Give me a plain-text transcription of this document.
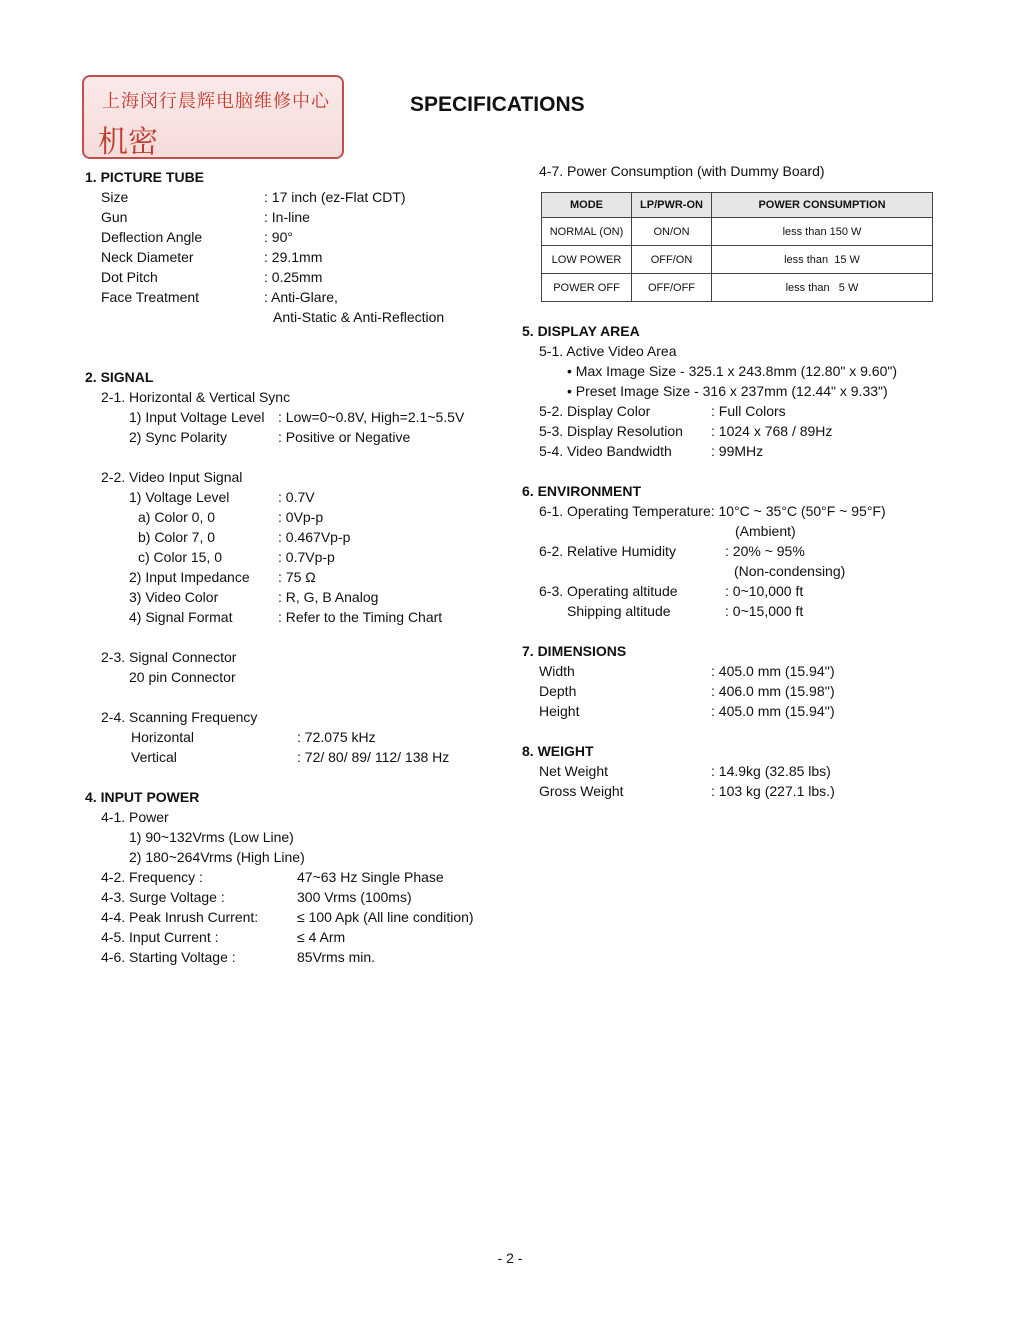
上海闵行晨辉电脑维修中心
机密
SPECIFICATIONS
1. PICTURE TUBE
Size	: 17 inch (ez-Flat CDT)
Gun	: In-line
Deflection Angle	: 90°
Neck Diameter	: 29.1mm
Dot Pitch	: 0.25mm
Face Treatment	: Anti-Glare,
Anti-Static & Anti-Reflection
2. SIGNAL
2-1. Horizontal & Vertical Sync
1) Input Voltage Level : Low=0~0.8V, High=2.1~5.5V
2) Sync Polarity	: Positive or Negative
2-2. Video Input Signal
1) Voltage Level	: 0.7V
a) Color 0, 0	: 0Vp-p
b) Color 7, 0	: 0.467Vp-p
c) Color 15, 0	: 0.7Vp-p
2) Input Impedance : 75 Ω
3) Video Color	: R, G, B Analog
4) Signal Format	: Refer to the Timing Chart
2-3. Signal Connector
20 pin Connector
2-4. Scanning Frequency
Horizontal	: 72.075 kHz
Vertical	: 72/ 80/ 89/ 112/ 138 Hz
4. INPUT POWER
4-1. Power
1) 90~132Vrms (Low Line)
2) 180~264Vrms (High Line)
4-2. Frequency :	47~63 Hz Single Phase
4-3. Surge Voltage :	300 Vrms (100ms)
4-4. Peak Inrush Current:	≤ 100 Apk (All line condition)
4-5. Input Current :	≤ 4 Arm
4-6. Starting Voltage :	85Vrms min.
4-7. Power Consumption (with Dummy Board)
MODE	LP/PWR-ON	POWER CONSUMPTION
NORMAL (ON)	ON/ON	less than 150 W
LOW POWER	OFF/ON	less than  15 W
POWER OFF	OFF/OFF	less than   5 W
5. DISPLAY AREA
5-1. Active Video Area
• Max Image Size - 325.1 x 243.8mm (12.80" x 9.60")
• Preset Image Size - 316 x 237mm (12.44" x 9.33")
5-2. Display Color	: Full Colors
5-3. Display Resolution : 1024 x 768 / 89Hz
5-4. Video Bandwidth	: 99MHz
6. ENVIRONMENT
6-1. Operating Temperature: 10°C ~ 35°C (50°F ~ 95°F)
(Ambient)
6-2. Relative Humidity	: 20% ~ 95%
(Non-condensing)
6-3. Operating altitude	: 0~10,000 ft
Shipping altitude	: 0~15,000 ft
7. DIMENSIONS
Width	: 405.0 mm (15.94'')
Depth	: 406.0 mm (15.98'')
Height	: 405.0 mm (15.94'')
8. WEIGHT
Net Weight	: 14.9kg (32.85 lbs)
Gross Weight	: 103 kg (227.1 lbs.)
- 2 -
